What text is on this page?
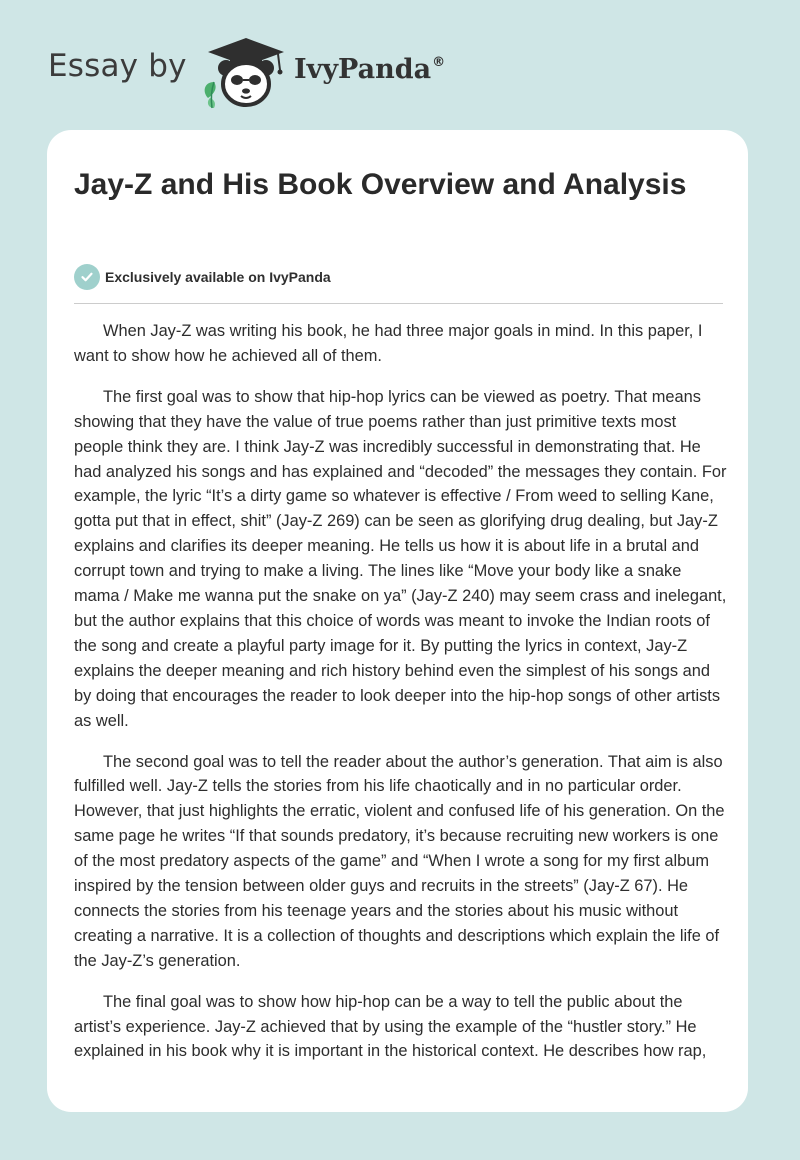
Essay by	IvyPanda®
Jay-Z and His Book Overview and Analysis
Exclusively available on IvyPanda

When Jay-Z was writing his book, he had three major goals in mind. In this paper, I want to show how he achieved all of them.

The first goal was to show that hip-hop lyrics can be viewed as poetry. That means showing that they have the value of true poems rather than just primitive texts most people think they are. I think Jay-Z was incredibly successful in demonstrating that. He had analyzed his songs and has explained and “decoded” the messages they contain. For example, the lyric “It’s a dirty game so whatever is effective / From weed to selling Kane, gotta put that in effect, shit” (Jay-Z 269) can be seen as glorifying drug dealing, but Jay-Z explains and clarifies its deeper meaning. He tells us how it is about life in a brutal and corrupt town and trying to make a living. The lines like “Move your body like a snake mama / Make me wanna put the snake on ya” (Jay-Z 240) may seem crass and inelegant, but the author explains that this choice of words was meant to invoke the Indian roots of the song and create a playful party image for it. By putting the lyrics in context, Jay-Z explains the deeper meaning and rich history behind even the simplest of his songs and by doing that encourages the reader to look deeper into the hip-hop songs of other artists as well.

The second goal was to tell the reader about the author’s generation. That aim is also fulfilled well. Jay-Z tells the stories from his life chaotically and in no particular order. However, that just highlights the erratic, violent and confused life of his generation. On the same page he writes “If that sounds predatory, it’s because recruiting new workers is one of the most predatory aspects of the game” and “When I wrote a song for my first album inspired by the tension between older guys and recruits in the streets” (Jay-Z 67). He connects the stories from his teenage years and the stories about his music without creating a narrative. It is a collection of thoughts and descriptions which explain the life of the Jay-Z’s generation.

The final goal was to show how hip-hop can be a way to tell the public about the artist’s experience. Jay-Z achieved that by using the example of the “hustler story.” He explained in his book why it is important in the historical context. He describes how rap,
